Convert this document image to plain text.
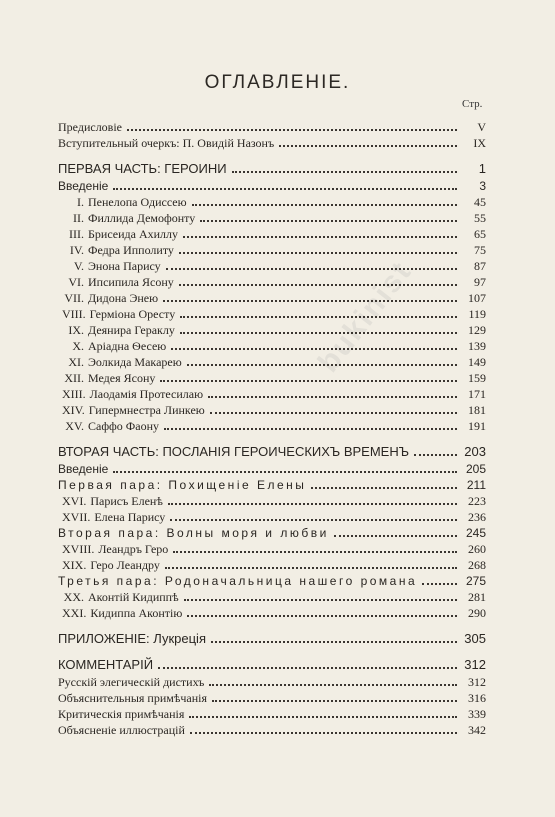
bukinist
ОГЛАВЛЕНІЕ.
Стр.
Предисловіе	V
Вступительный очеркъ: П. Овидій Назонъ	IX
ПЕРВАЯ ЧАСТЬ: ГЕРОИНИ	1
Введеніе	3
I. Пенелопа Одиссею	45
II. Филлида Демофонту	55
III. Брисеида Ахиллу	65
IV. Федра Ипполиту	75
V. Энона Парису	87
VI. Ипсипила Ясону	97
VII. Дидона Энею	107
VIII. Герміона Оресту	119
IX. Деянира Гераклу	129
X. Аріадна Ѳесею	139
XI. Эолкида Макарею	149
XII. Медея Ясону	159
XIII. Лаодамія Протесилаю	171
XIV. Гипермнестра Линкею	181
XV. Саффо Фаону	191
ВТОРАЯ ЧАСТЬ: ПОСЛАНІЯ ГЕРОИЧЕСКИХЪ ВРЕМЕНЪ	203
Введеніе	205
Первая пара: Похищеніе Елены	211
XVI. Парисъ Еленѣ	223
XVII. Елена Парису	236
Вторая пара: Волны моря и любви	245
XVIII. Леандръ Геро	260
XIX. Геро Леандру	268
Третья пара: Родоначальница нашего романа	275
XX. Аконтій Кидиппѣ	281
XXI. Кидиппа Аконтію	290
ПРИЛОЖЕНІЕ: Лукреція	305
КОММЕНТАРІЙ	312
Русскій элегическій дистихъ	312
Объяснительныя примѣчанія	316
Критическія примѣчанія	339
Объясненіе иллюстрацій	342
